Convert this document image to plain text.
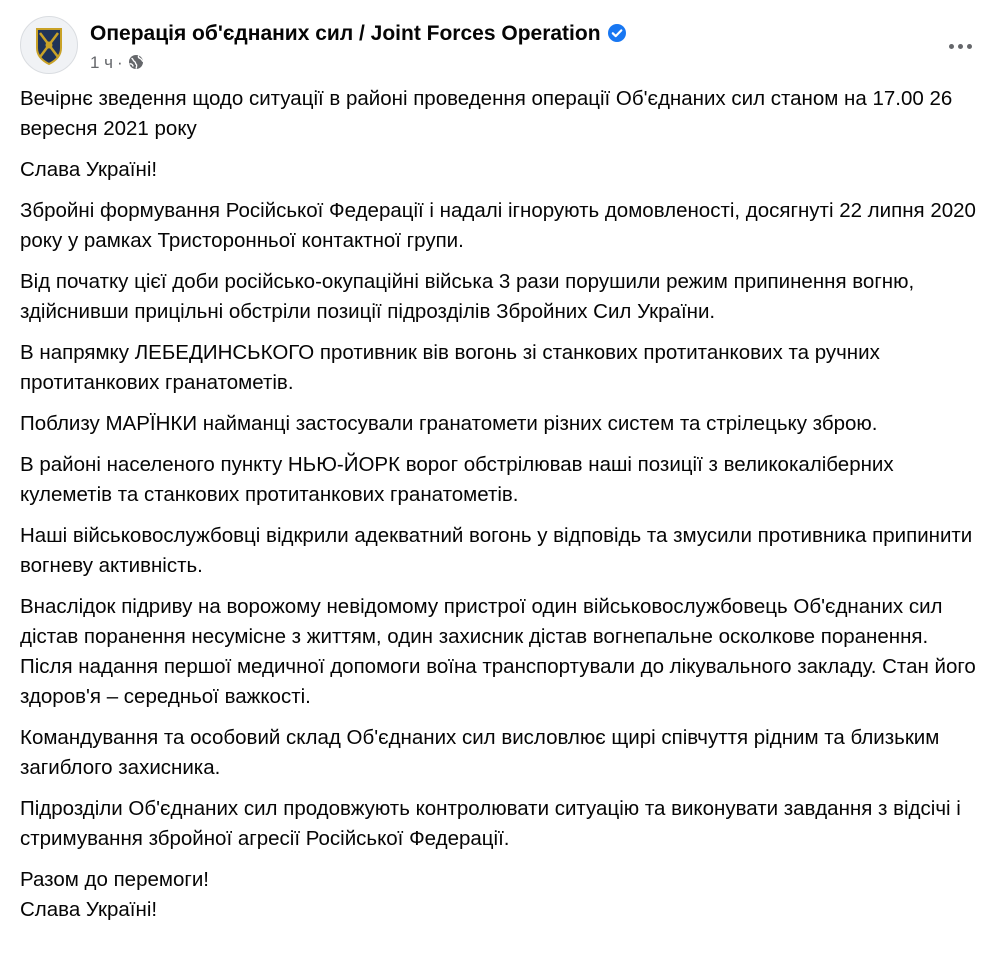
Операція об'єднаних сил / Joint Forces Operation
1 ч ·

Вечірнє зведення щодо ситуації в районі проведення операції Об'єднаних сил станом на 17.00 26 вересня 2021 року

Слава Україні!

Збройні формування Російської Федерації і надалі ігнорують домовленості, досягнуті 22 липня 2020 року у рамках Тристоронньої контактної групи.

Від початку цієї доби російсько-окупаційні війська 3 рази порушили режим припинення вогню, здійснивши прицільні обстріли позиції підрозділів Збройних Сил України.

В напрямку ЛЕБЕДИНСЬКОГО противник вів вогонь зі станкових протитанкових та ручних протитанкових гранатометів.

Поблизу МАРЇНКИ найманці застосували гранатомети різних систем та стрілецьку зброю.

В районі населеного пункту НЬЮ-ЙОРК ворог обстрілював наші позиції з великокаліберних кулеметів та станкових протитанкових гранатометів.

Наші військовослужбовці відкрили адекватний вогонь у відповідь та змусили противника припинити вогневу активність.

Внаслідок підриву на ворожому невідомому пристрої один військовослужбовець Об'єднаних сил дістав поранення несумісне з життям, один захисник дістав вогнепальне осколкове поранення. Після надання першої медичної допомоги воїна транспортували до лікувального закладу. Стан його здоров'я – середньої важкості.

Командування та особовий склад Об'єднаних сил висловлює щирі співчуття рідним та близьким загиблого захисника.

Підрозділи Об'єднаних сил продовжують контролювати ситуацію та виконувати завдання з відсічі і стримування збройної агресії Російської Федерації.

Разом до перемоги!

Слава Україні!
